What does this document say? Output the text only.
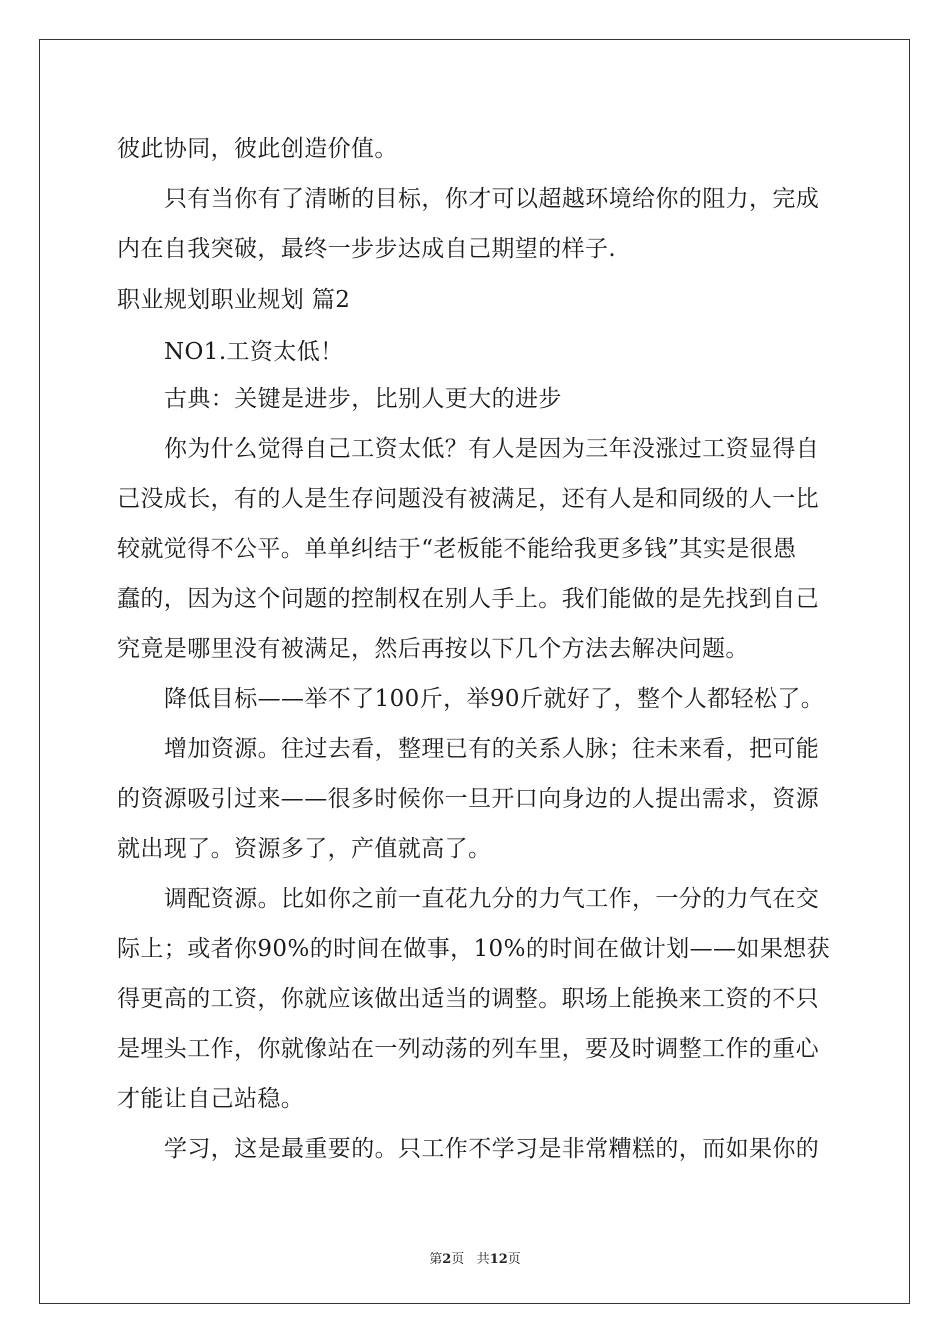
彼此协同，彼此创造价值。
只有当你有了清晰的目标，你才可以超越环境给你的阻力，完成
内在自我突破，最终一步步达成自己期望的样子.
职业规划职业规划 篇2
NO1.工资太低！
古典：关键是进步，比别人更大的进步
你为什么觉得自己工资太低？有人是因为三年没涨过工资显得自
己没成长，有的人是生存问题没有被满足，还有人是和同级的人一比
较就觉得不公平。单单纠结于“老板能不能给我更多钱”其实是很愚
蠢的，因为这个问题的控制权在别人手上。我们能做的是先找到自己
究竟是哪里没有被满足，然后再按以下几个方法去解决问题。
降低目标——举不了100斤，举90斤就好了，整个人都轻松了。
增加资源。往过去看，整理已有的关系人脉；往未来看，把可能
的资源吸引过来——很多时候你一旦开口向身边的人提出需求，资源
就出现了。资源多了，产值就高了。
调配资源。比如你之前一直花九分的力气工作，一分的力气在交
际上；或者你90%的时间在做事，10%的时间在做计划——如果想获
得更高的工资，你就应该做出适当的调整。职场上能换来工资的不只
是埋头工作，你就像站在一列动荡的列车里，要及时调整工作的重心
才能让自己站稳。
学习，这是最重要的。只工作不学习是非常糟糕的，而如果你的
第2页 共12页
